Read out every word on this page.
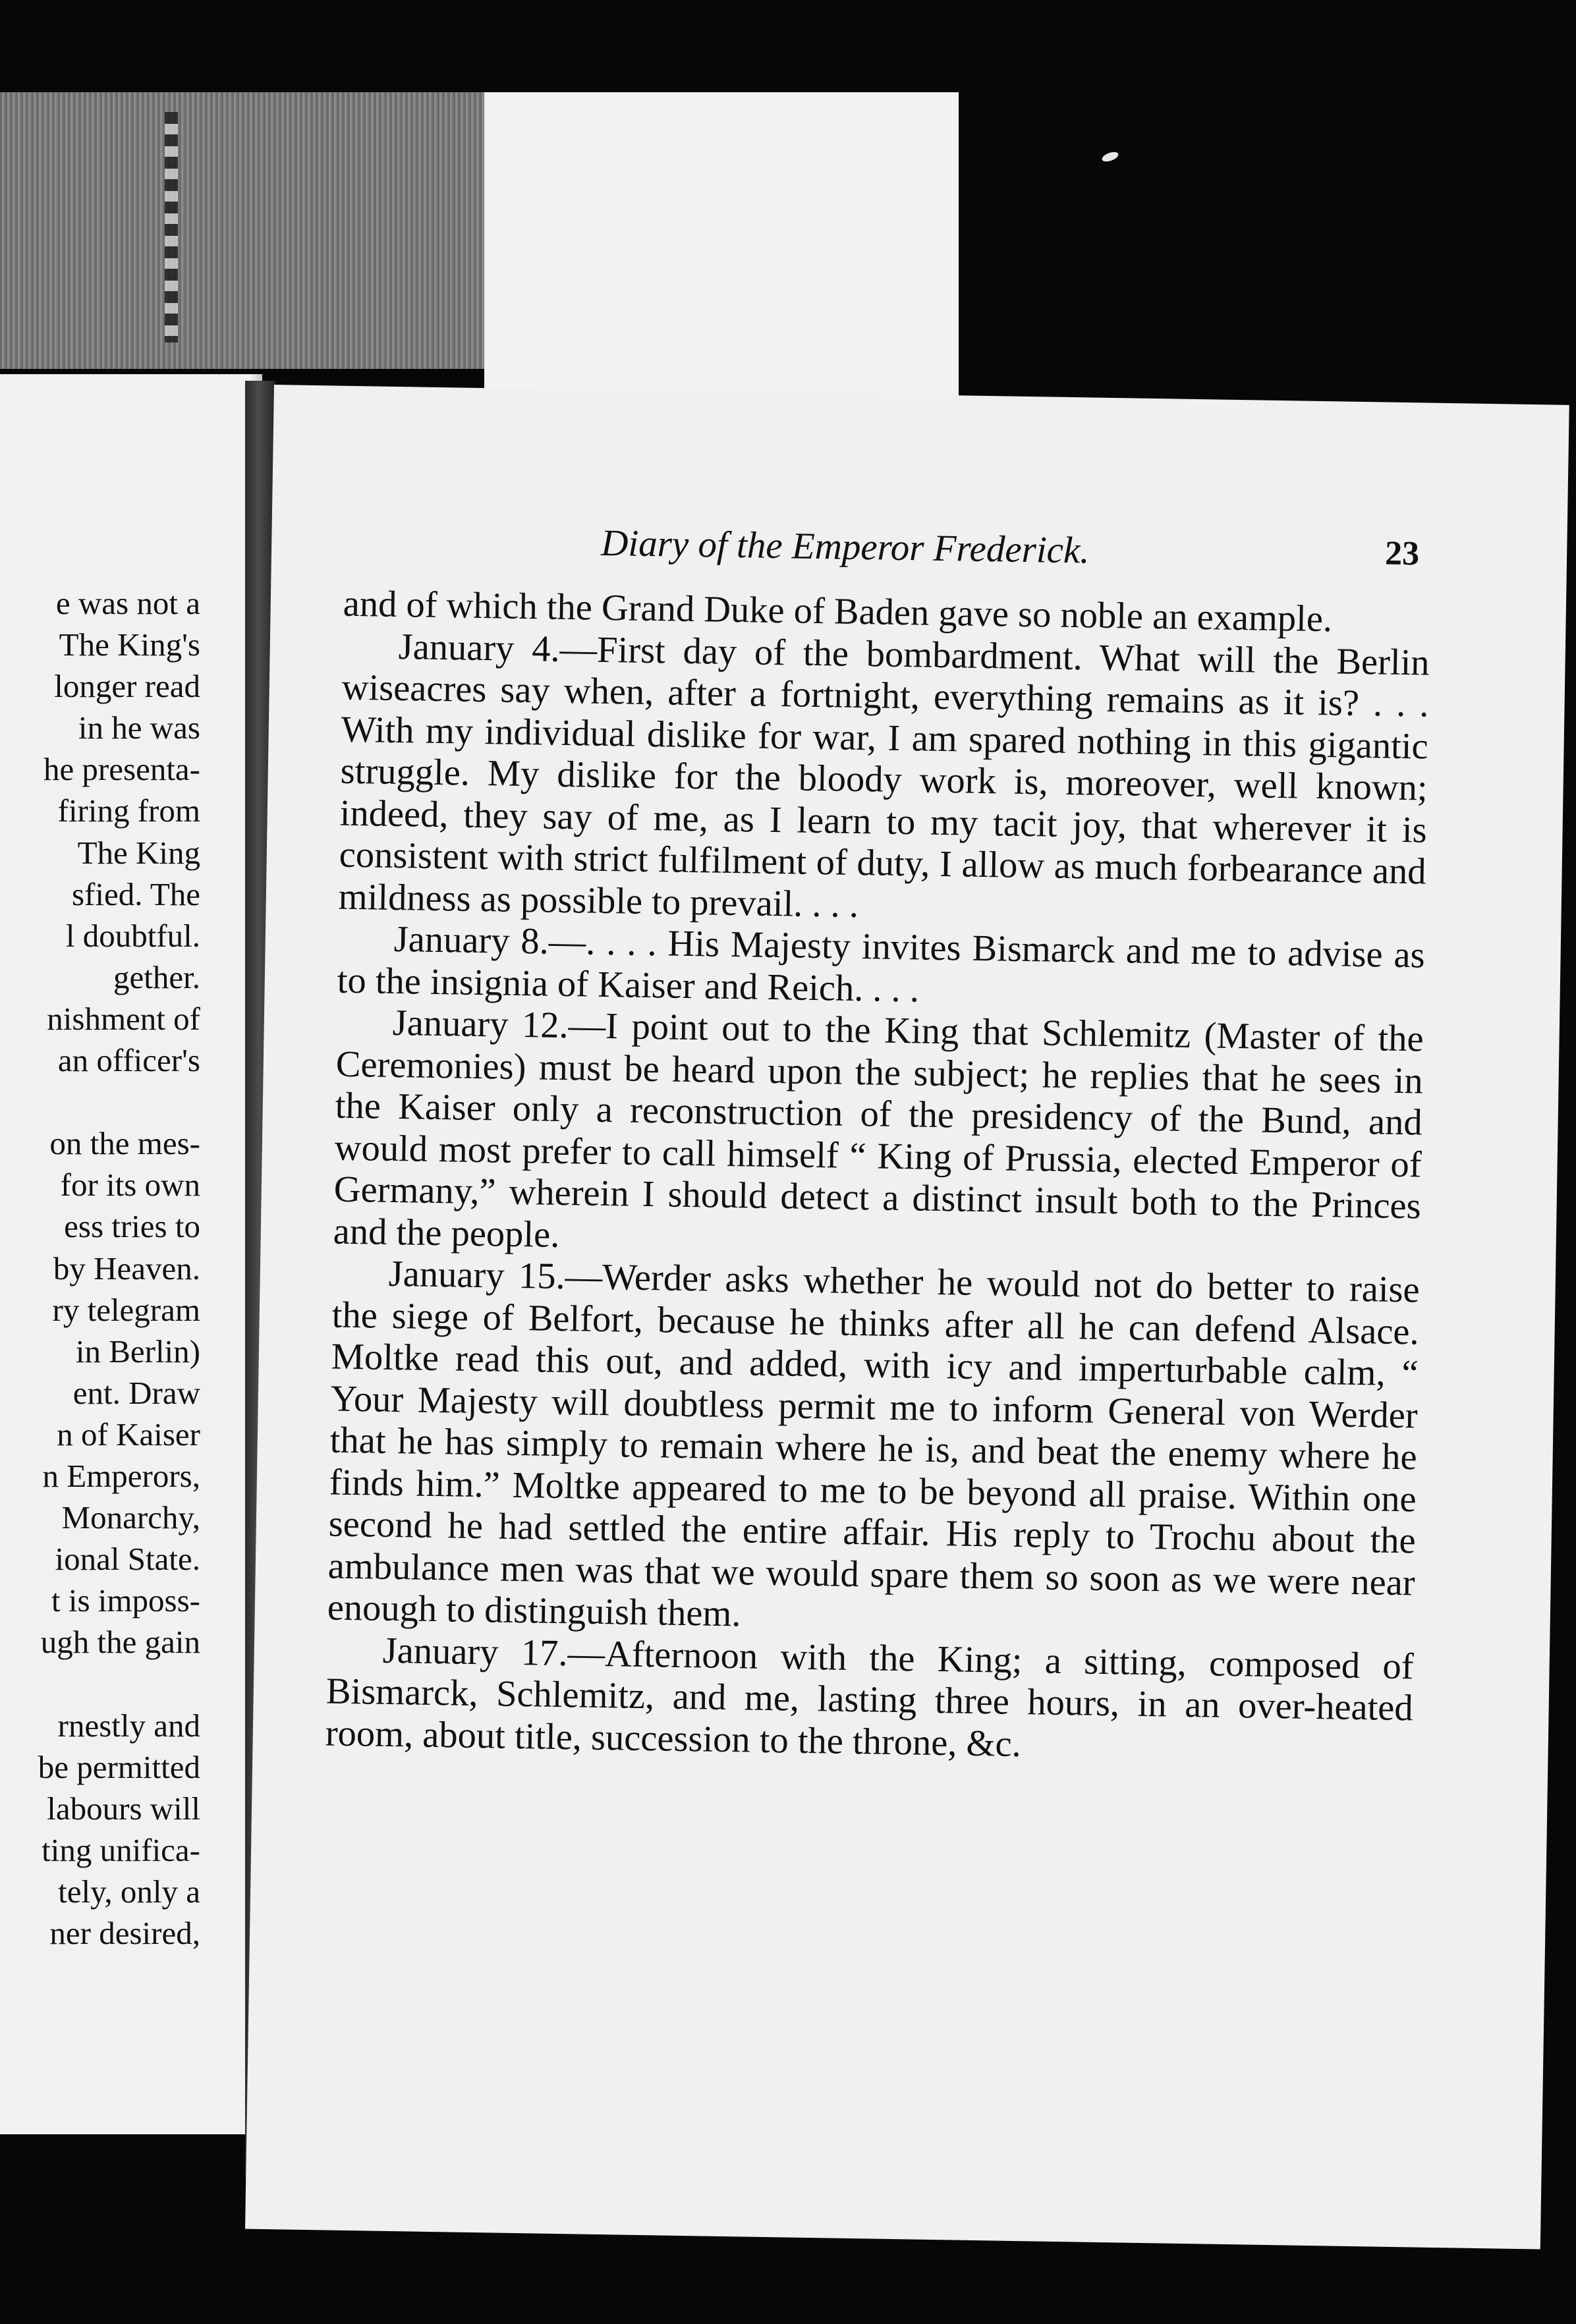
e was not a
The King's
longer read
in he was
he presenta-
firing from
The King
sfied. The
l doubtful.
gether.
nishment of
an officer's
on the mes-
for its own
ess tries to
by Heaven.
ry telegram
in Berlin)
ent. Draw
n of Kaiser
n Emperors,
Monarchy,
ional State.
t is imposs-
ugh the gain
rnestly and
be permitted
labours will
ting unifica-
tely, only a
ner desired,
Diary of the Emperor Frederick.	23

and of which the Grand Duke of Baden gave so noble an example.

January 4.—First day of the bombardment. What will the Berlin wiseacres say when, after a fortnight, everything remains as it is? . . . With my individual dislike for war, I am spared nothing in this gigantic struggle. My dislike for the bloody work is, moreover, well known; indeed, they say of me, as I learn to my tacit joy, that wherever it is consistent with strict fulfilment of duty, I allow as much forbearance and mildness as possible to prevail. . . .

January 8.—. . . . His Majesty invites Bismarck and me to advise as to the insignia of Kaiser and Reich. . . .

January 12.—I point out to the King that Schlemitz (Master of the Ceremonies) must be heard upon the subject; he replies that he sees in the Kaiser only a reconstruction of the presidency of the Bund, and would most prefer to call himself “ King of Prussia, elected Emperor of Germany,” wherein I should detect a distinct insult both to the Princes and the people.

January 15.—Werder asks whether he would not do better to raise the siege of Belfort, because he thinks after all he can defend Alsace. Moltke read this out, and added, with icy and imperturbable calm, “ Your Majesty will doubtless permit me to inform General von Werder that he has simply to remain where he is, and beat the enemy where he finds him.” Moltke appeared to me to be beyond all praise. Within one second he had settled the entire affair. His reply to Trochu about the ambulance men was that we would spare them so soon as we were near enough to distinguish them.

January 17.—Afternoon with the King; a sitting, composed of Bismarck, Schlemitz, and me, lasting three hours, in an over-heated room, about title, succession to the throne, &c.
